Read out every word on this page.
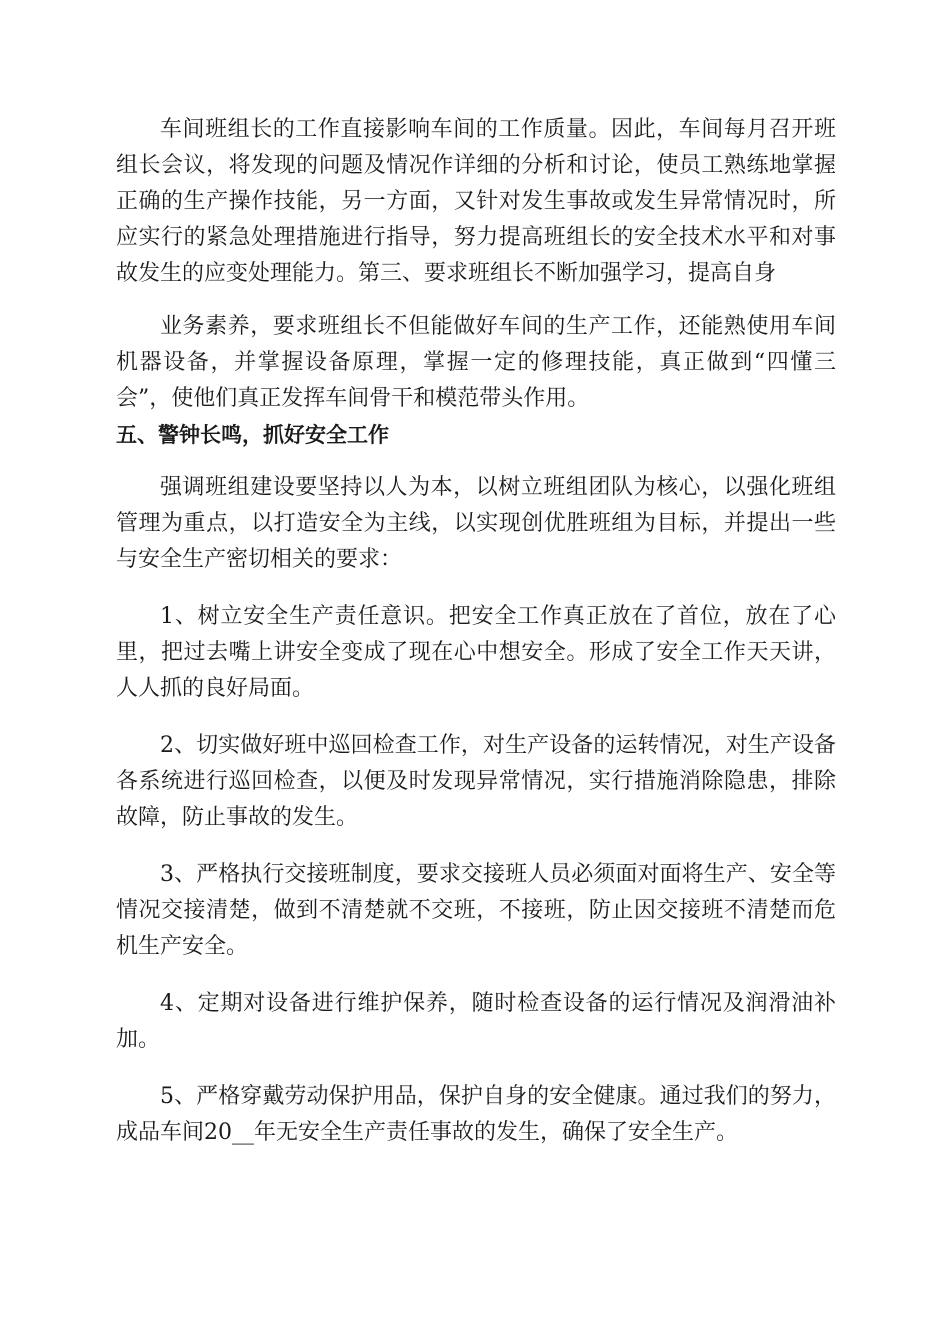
车间班组长的工作直接影响车间的工作质量。因此，车间每月召开班组长会议，将发现的问题及情况作详细的分析和讨论，使员工熟练地掌握正确的生产操作技能，另一方面，又针对发生事故或发生异常情况时，所应实行的紧急处理措施进行指导，努力提高班组长的安全技术水平和对事故发生的应变处理能力。第三、要求班组长不断加强学习，提高自身

业务素养，要求班组长不但能做好车间的生产工作，还能熟使用车间机器设备，并掌握设备原理，掌握一定的修理技能，真正做到“四懂三会”，使他们真正发挥车间骨干和模范带头作用。

五、警钟长鸣，抓好安全工作

强调班组建设要坚持以人为本，以树立班组团队为核心，以强化班组管理为重点，以打造安全为主线，以实现创优胜班组为目标，并提出一些与安全生产密切相关的要求：

1、树立安全生产责任意识。把安全工作真正放在了首位，放在了心里，把过去嘴上讲安全变成了现在心中想安全。形成了安全工作天天讲，人人抓的良好局面。

2、切实做好班中巡回检查工作，对生产设备的运转情况，对生产设备各系统进行巡回检查，以便及时发现异常情况，实行措施消除隐患，排除故障，防止事故的发生。

3、严格执行交接班制度，要求交接班人员必须面对面将生产、安全等情况交接清楚，做到不清楚就不交班，不接班，防止因交接班不清楚而危机生产安全。

4、定期对设备进行维护保养，随时检查设备的运行情况及润滑油补加。

5、严格穿戴劳动保护用品，保护自身的安全健康。通过我们的努力，成品车间20__年无安全生产责任事故的发生，确保了安全生产。
